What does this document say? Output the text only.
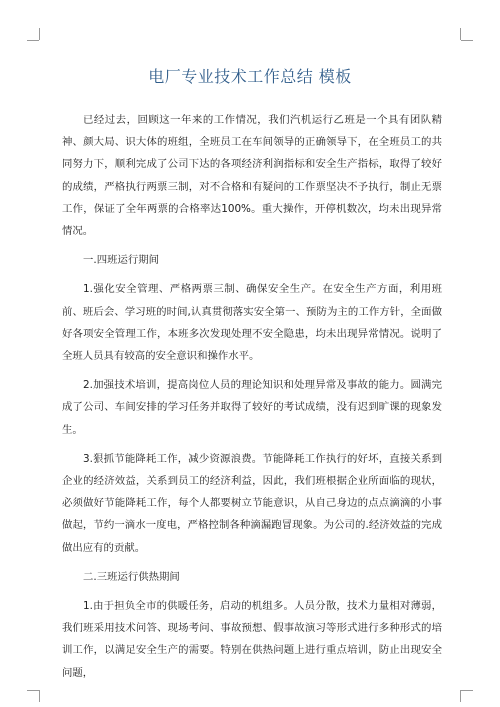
电厂专业技术工作总结 模板

已经过去，回顾这一年来的工作情况，我们汽机运行乙班是一个具有团队精神、颜大局、识大体的班组，全班员工在车间领导的正确领导下，在全班员工的共同努力下，顺利完成了公司下达的各项经济利润指标和安全生产指标，取得了较好的成绩，严格执行两票三制，对不合格和有疑问的工作票坚决不予执行，制止无票工作，保证了全年两票的合格率达100%。重大操作，开停机数次，均未出现异常情况。

一.四班运行期间

1.强化安全管理、严格两票三制、确保安全生产。在安全生产方面，利用班前、班后会、学习班的时间,认真贯彻落实安全第一、预防为主的工作方针，全面做好各项安全管理工作，本班多次发现处理不安全隐患，均未出现异常情况。说明了全班人员具有较高的安全意识和操作水平。

2.加强技术培训，提高岗位人员的理论知识和处理异常及事故的能力。圆满完成了公司、车间安排的学习任务并取得了较好的考试成绩，没有迟到旷课的现象发生。

3.狠抓节能降耗工作，减少资源浪费。节能降耗工作执行的好坏，直接关系到企业的经济效益，关系到员工的经济利益，因此，我们班根据企业所面临的现状，必须做好节能降耗工作，每个人都要树立节能意识，从自己身边的点点滴滴的小事做起，节约一滴水一度电，严格控制各种滴漏跑冒现象。为公司的.经济效益的完成做出应有的贡献。

二.三班运行供热期间

1.由于担负全市的供暖任务，启动的机组多。人员分散，技术力量相对薄弱，我们班采用技术问答、现场考问、事故预想、假事故演习等形式进行多种形式的培训工作，以满足安全生产的需要。特别在供热问题上进行重点培训，防止出现安全问题，
